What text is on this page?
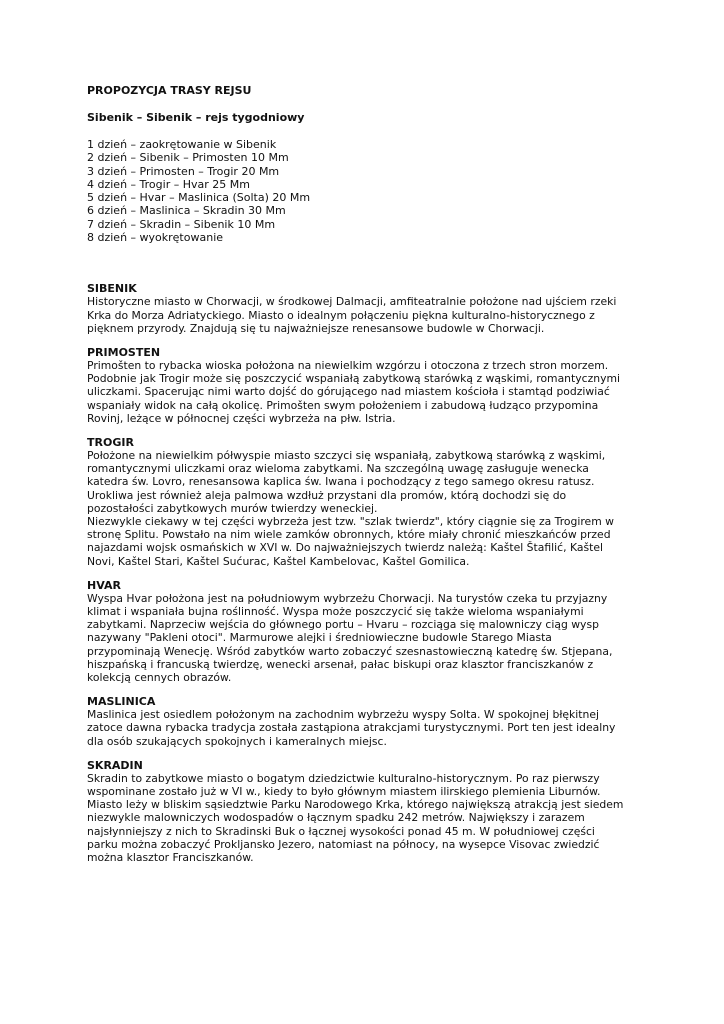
PROPOZYCJA TRASY REJSU

Sibenik – Sibenik – rejs tygodniowy

1 dzień – zaokrętowanie w Sibenik
2 dzień – Sibenik – Primosten 10 Mm
3 dzień – Primosten – Trogir 20 Mm
4 dzień – Trogir – Hvar 25 Mm
5 dzień – Hvar – Maslinica (Solta) 20 Mm
6 dzień – Maslinica – Skradin 30 Mm
7 dzień – Skradin – Sibenik 10 Mm
8 dzień – wyokrętowanie

SIBENIK

Historyczne miasto w Chorwacji, w środkowej Dalmacji, amfiteatralnie położone nad ujściem rzeki
Krka do Morza Adriatyckiego. Miasto o idealnym połączeniu piękna kulturalno-historycznego z
pięknem przyrody. Znajdują się tu najważniejsze renesansowe budowle w Chorwacji.

PRIMOSTEN

Primošten to rybacka wioska położona na niewielkim wzgórzu i otoczona z trzech stron morzem.
Podobnie jak Trogir może się poszczycić wspaniałą zabytkową starówką z wąskimi, romantycznymi
uliczkami. Spacerując nimi warto dojść do górującego nad miastem kościoła i stamtąd podziwiać
wspaniały widok na całą okolicę. Primošten swym położeniem i zabudową łudząco przypomina
Rovinj, leżące w północnej części wybrzeża na płw. Istria.

TROGIR

Położone na niewielkim półwyspie miasto szczyci się wspaniałą, zabytkową starówką z wąskimi,
romantycznymi uliczkami oraz wieloma zabytkami. Na szczególną uwagę zasługuje wenecka
katedra św. Lovro, renesansowa kaplica św. Iwana i pochodzący z tego samego okresu ratusz.
Urokliwa jest również aleja palmowa wzdłuż przystani dla promów, którą dochodzi się do
pozostałości zabytkowych murów twierdzy weneckiej.
Niezwykle ciekawy w tej części wybrzeża jest tzw. "szlak twierdz", który ciągnie się za Trogirem w
stronę Splitu. Powstało na nim wiele zamków obronnych, które miały chronić mieszkańców przed
najazdami wojsk osmańskich w XVI w. Do najważniejszych twierdz należą: Kaštel Štafilić, Kaštel
Novi, Kaštel Stari, Kaštel Sućurac, Kaštel Kambelovac, Kaštel Gomilica.

HVAR

Wyspa Hvar położona jest na południowym wybrzeżu Chorwacji. Na turystów czeka tu przyjazny
klimat i wspaniała bujna roślinność. Wyspa może poszczycić się także wieloma wspaniałymi
zabytkami. Naprzeciw wejścia do głównego portu – Hvaru – rozciąga się malowniczy ciąg wysp
nazywany "Pakleni otoci". Marmurowe alejki i średniowieczne budowle Starego Miasta
przypominają Wenecję. Wśród zabytków warto zobaczyć szesnastowieczną katedrę św. Stjepana,
hiszpańską i francuską twierdzę, wenecki arsenał, pałac biskupi oraz klasztor franciszkanów z
kolekcją cennych obrazów.

MASLINICA

Maslinica jest osiedlem położonym na zachodnim wybrzeżu wyspy Solta. W spokojnej błękitnej
zatoce dawna rybacka tradycja została zastąpiona atrakcjami turystycznymi. Port ten jest idealny
dla osób szukających spokojnych i kameralnych miejsc.

SKRADIN

Skradin to zabytkowe miasto o bogatym dziedzictwie kulturalno-historycznym. Po raz pierwszy
wspominane zostało już w VI w., kiedy to było głównym miastem ilirskiego plemienia Liburnów.
Miasto leży w bliskim sąsiedztwie Parku Narodowego Krka, którego największą atrakcją jest siedem
niezwykle malowniczych wodospadów o łącznym spadku 242 metrów. Największy i zarazem
najsłynniejszy z nich to Skradinski Buk o łącznej wysokości ponad 45 m. W południowej części
parku można zobaczyć Prokljansko Jezero, natomiast na północy, na wysepce Visovac zwiedzić
można klasztor Franciszkanów.
